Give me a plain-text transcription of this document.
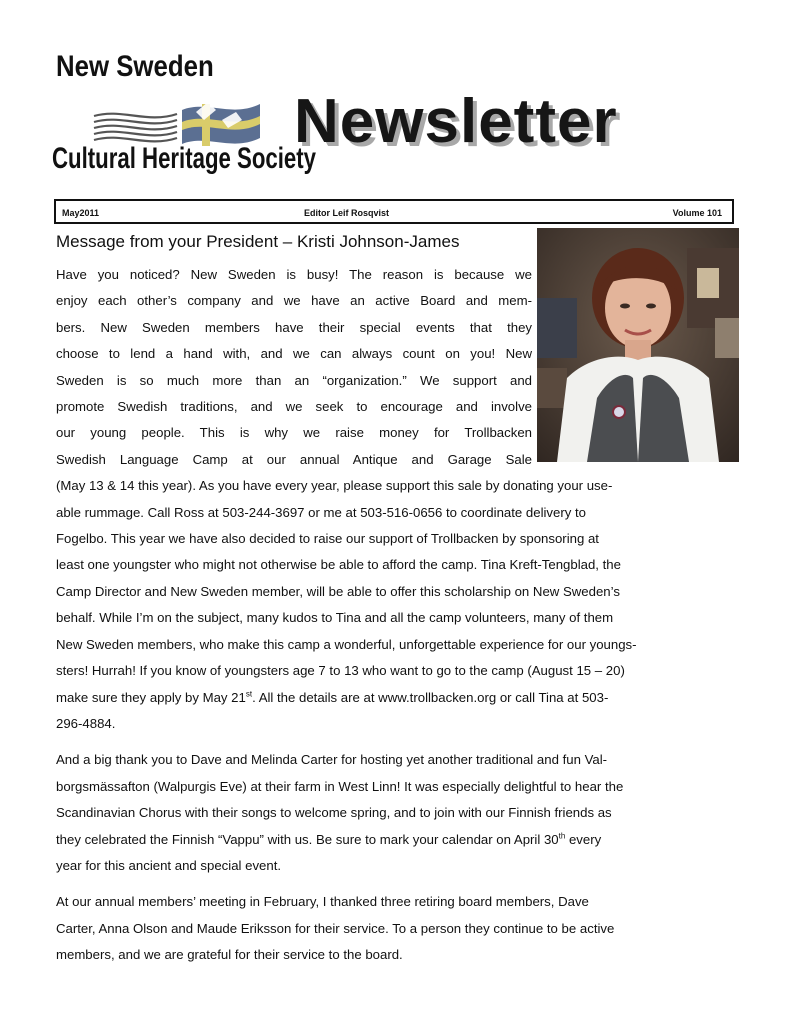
New Sweden
Cultural Heritage Society
Newsletter
May2011	Editor Leif Rosqvist	Volume 101
Message from your President – Kristi Johnson-James
Have you noticed? New Sweden is busy! The reason is because we
enjoy each other’s company and we have an active Board and mem-
bers. New Sweden members have their special events that they
choose to lend a hand with, and we can always count on you! New
Sweden is so much more than an “organization.” We support and
promote Swedish traditions, and we seek to encourage and involve
our young people. This is why we raise money for Trollbacken
Swedish Language Camp at our annual Antique and Garage Sale
(May 13 & 14 this year). As you have every year, please support this sale by donating your use-
able rummage. Call Ross at 503-244-3697 or me at 503-516-0656 to coordinate delivery to
Fogelbo. This year we have also decided to raise our support of Trollbacken by sponsoring at
least one youngster who might not otherwise be able to afford the camp. Tina Kreft-Tengblad, the
Camp Director and New Sweden member, will be able to offer this scholarship on New Sweden’s
behalf. While I’m on the subject, many kudos to Tina and all the camp volunteers, many of them
New Sweden members, who make this camp a wonderful, unforgettable experience for our youngs-
sters! Hurrah! If you know of youngsters age 7 to 13 who want to go to the camp (August 15 – 20)
make sure they apply by May 21st. All the details are at www.trollbacken.org or call Tina at 503-
296-4884.
And a big thank you to Dave and Melinda Carter for hosting yet another traditional and fun Val-
borgsmässafton (Walpurgis Eve) at their farm in West Linn! It was especially delightful to hear the
Scandinavian Chorus with their songs to welcome spring, and to join with our Finnish friends as
they celebrated the Finnish “Vappu” with us. Be sure to mark your calendar on April 30th every
year for this ancient and special event.
At our annual members’ meeting in February, I thanked three retiring board members, Dave
Carter, Anna Olson and Maude Eriksson for their service. To a person they continue to be active
members, and we are grateful for their service to the board.
